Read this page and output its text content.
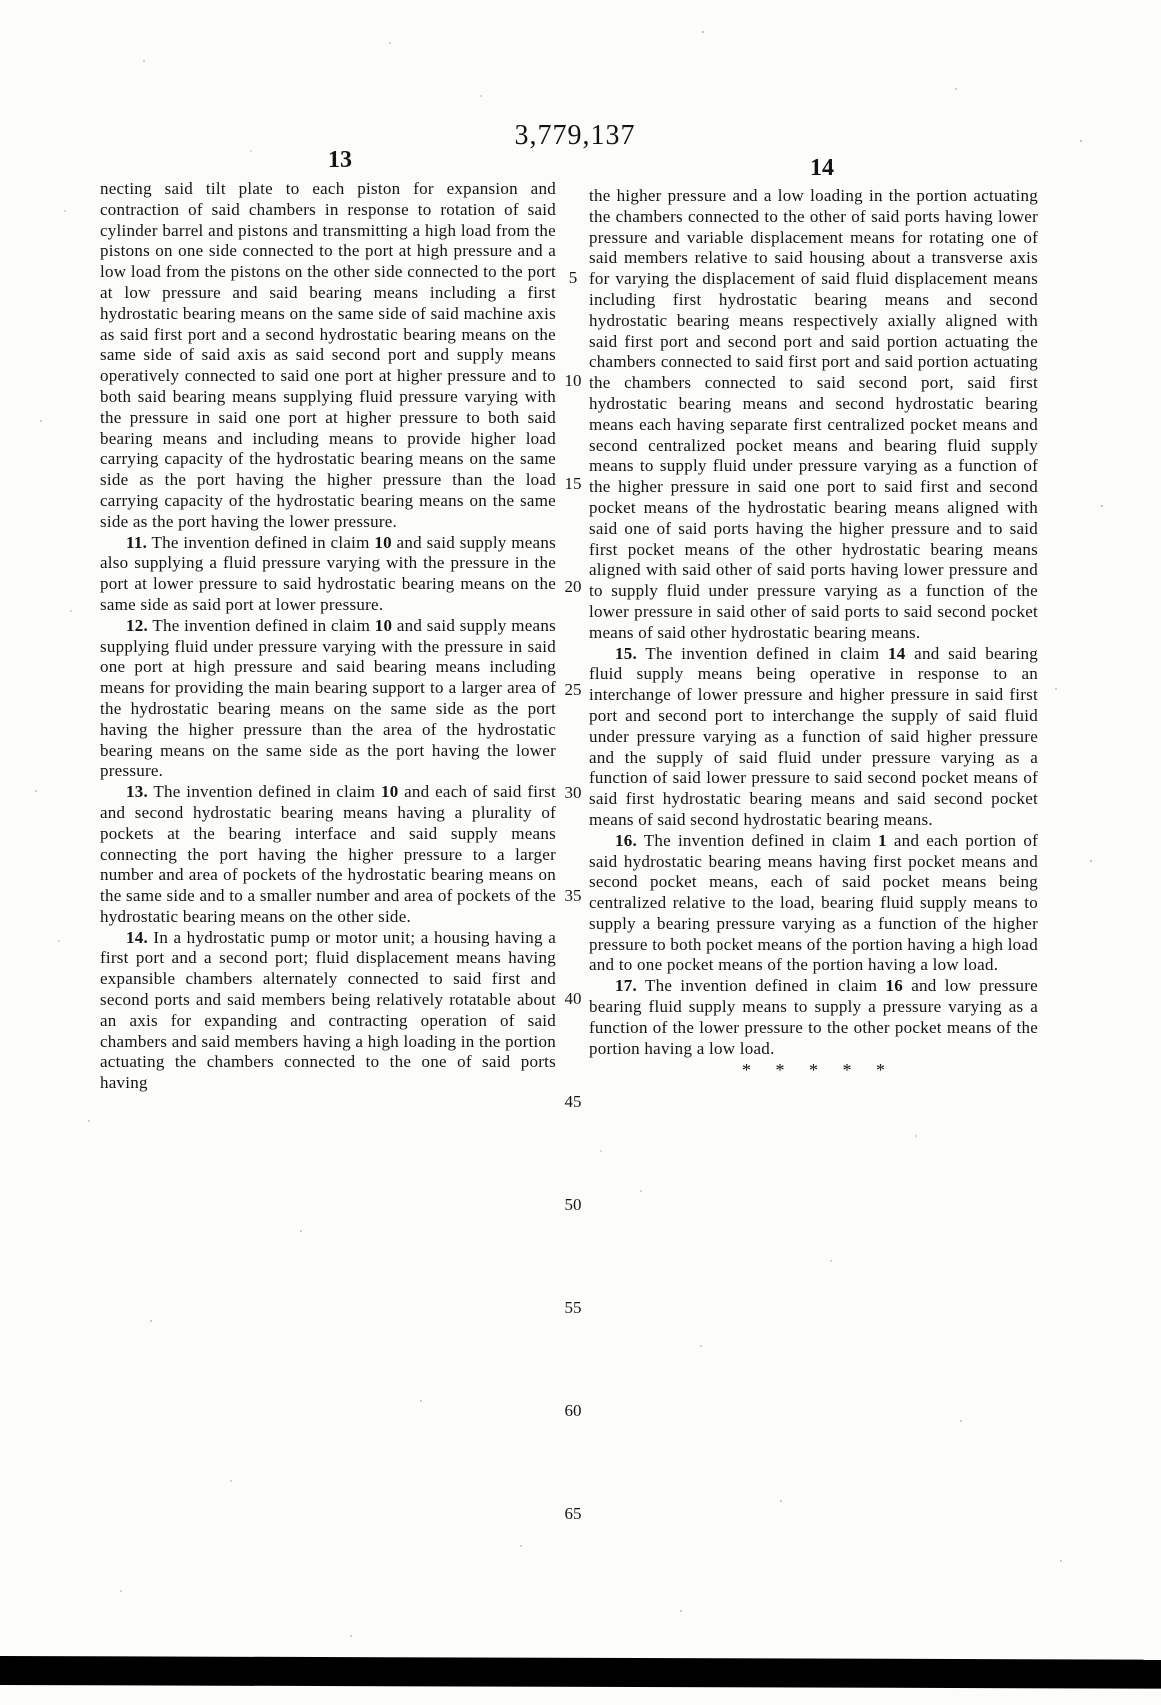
3,779,137
13	14

necting said tilt plate to each piston for expansion and contraction of said chambers in response to rotation of said cylinder barrel and pistons and transmitting a high load from the pistons on one side connected to the port at high pressure and a low load from the pistons on the other side connected to the port at low pressure and said bearing means including a first hydrostatic bearing means on the same side of said machine axis as said first port and a second hydrostatic bearing means on the same side of said axis as said second port and supply means operatively connected to said one port at higher pressure and to both said bearing means supplying fluid pressure varying with the pressure in said one port at higher pressure to both said bearing means and including means to provide higher load carrying capacity of the hydrostatic bearing means on the same side as the port having the higher pressure than the load carrying capacity of the hydrostatic bearing means on the same side as the port having the lower pressure.

11. The invention defined in claim 10 and said supply means also supplying a fluid pressure varying with the pressure in the port at lower pressure to said hydrostatic bearing means on the same side as said port at lower pressure.

12. The invention defined in claim 10 and said supply means supplying fluid under pressure varying with the pressure in said one port at high pressure and said bearing means including means for providing the main bearing support to a larger area of the hydrostatic bearing means on the same side as the port having the higher pressure than the area of the hydrostatic bearing means on the same side as the port having the lower pressure.

13. The invention defined in claim 10 and each of said first and second hydrostatic bearing means having a plurality of pockets at the bearing interface and said supply means connecting the port having the higher pressure to a larger number and area of pockets of the hydrostatic bearing means on the same side and to a smaller number and area of pockets of the hydrostatic bearing means on the other side.

14. In a hydrostatic pump or motor unit; a housing having a first port and a second port; fluid displacement means having expansible chambers alternately connected to said first and second ports and said members being relatively rotatable about an axis for expanding and contracting operation of said chambers and said members having a high loading in the portion actuating the chambers connected to the one of said ports having

the higher pressure and a low loading in the portion actuating the chambers connected to the other of said ports having lower pressure and variable displacement means for rotating one of said members relative to said housing about a transverse axis for varying the displacement of said fluid displacement means including first hydrostatic bearing means and second hydrostatic bearing means respectively axially aligned with said first port and second port and said portion actuating the chambers connected to said first port and said portion actuating the chambers connected to said second port, said first hydrostatic bearing means and second hydrostatic bearing means each having separate first centralized pocket means and second centralized pocket means and bearing fluid supply means to supply fluid under pressure varying as a function of the higher pressure in said one port to said first and second pocket means of the hydrostatic bearing means aligned with said one of said ports having the higher pressure and to said first pocket means of the other hydrostatic bearing means aligned with said other of said ports having lower pressure and to supply fluid under pressure varying as a function of the lower pressure in said other of said ports to said second pocket means of said other hydrostatic bearing means.

15. The invention defined in claim 14 and said bearing fluid supply means being operative in response to an interchange of lower pressure and higher pressure in said first port and second port to interchange the supply of said fluid under pressure varying as a function of said higher pressure and the supply of said fluid under pressure varying as a function of said lower pressure to said second pocket means of said first hydrostatic bearing means and said second pocket means of said second hydrostatic bearing means.

16. The invention defined in claim 1 and each portion of said hydrostatic bearing means having first pocket means and second pocket means, each of said pocket means being centralized relative to the load, bearing fluid supply means to supply a bearing pressure varying as a function of the higher pressure to both pocket means of the portion having a high load and to one pocket means of the portion having a low load.

17. The invention defined in claim 16 and low pressure bearing fluid supply means to supply a pressure varying as a function of the lower pressure to the other pocket means of the portion having a low load.

* * * * *
5
10
15
20
25
30
35
40
45
50
55
60
65
